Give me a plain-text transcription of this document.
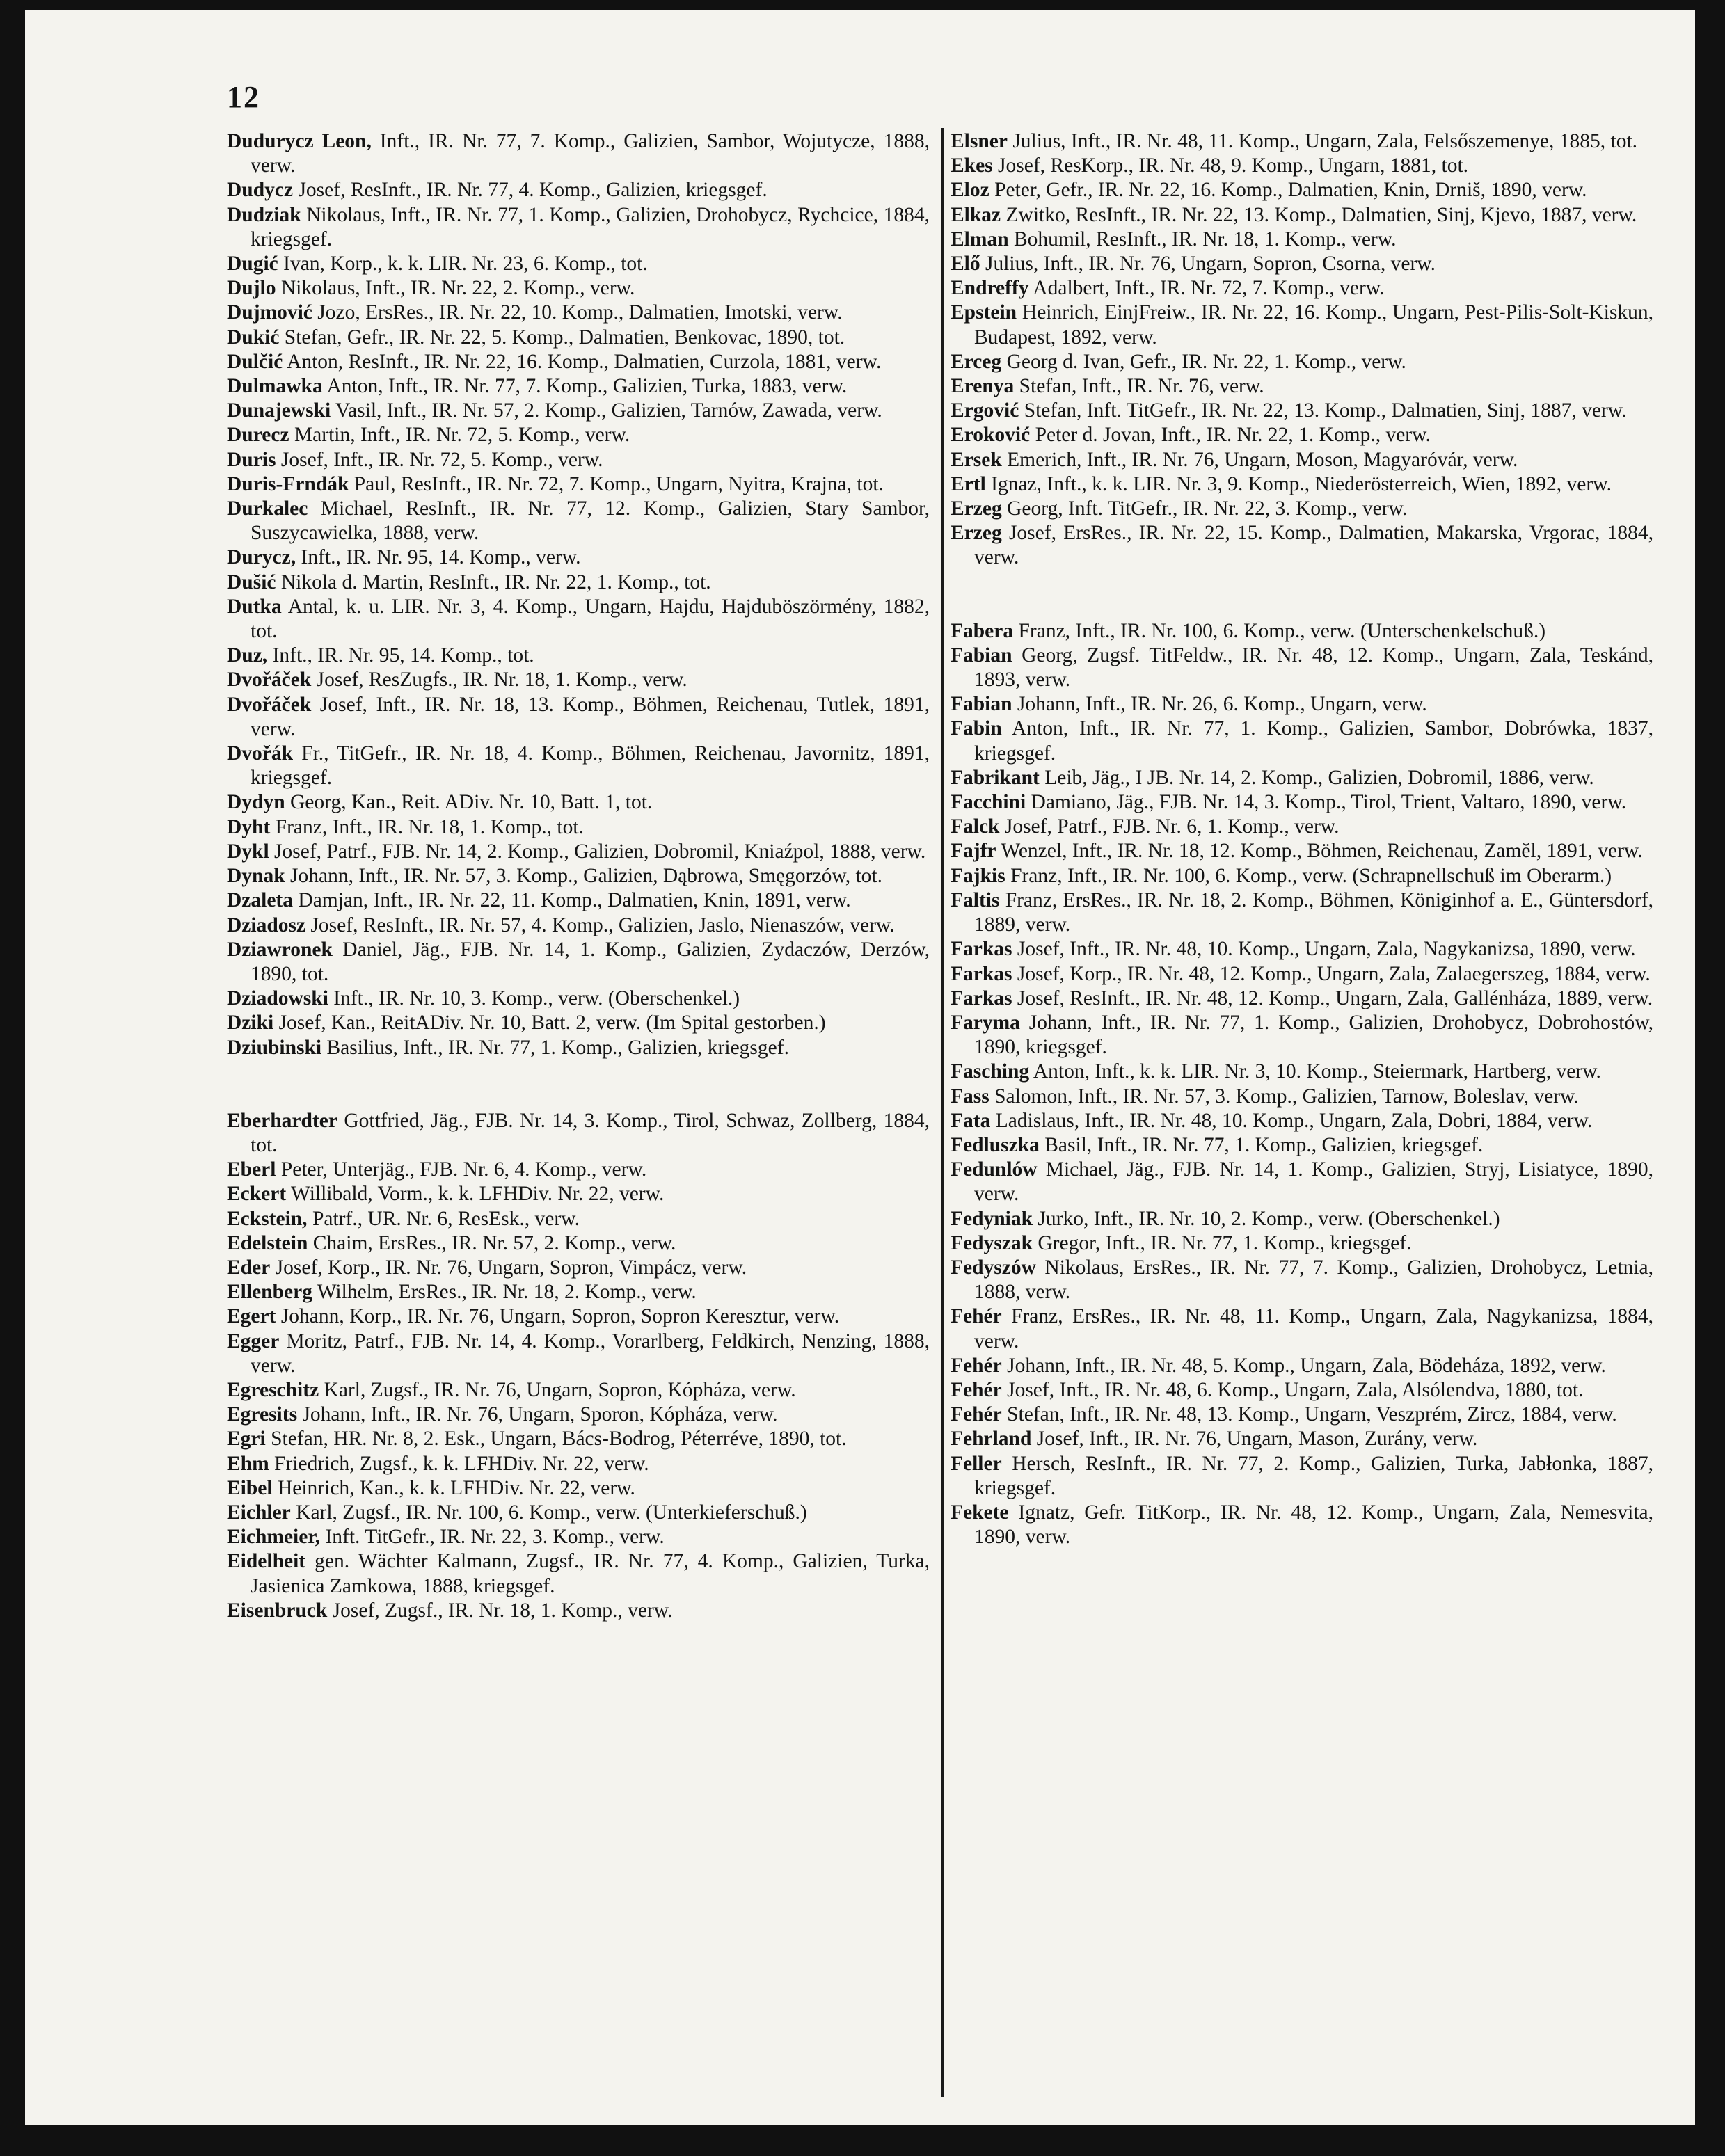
12
Dudurycz Leon, Inft., IR. Nr. 77, 7. Komp., Galizien, Sambor, Wojutycze, 1888, verw.
Dudycz Josef, ResInft., IR. Nr. 77, 4. Komp., Galizien, kriegsgef.
Dudziak Nikolaus, Inft., IR. Nr. 77, 1. Komp., Galizien, Drohobycz, Rychcice, 1884, kriegsgef.
Dugić Ivan, Korp., k. k. LIR. Nr. 23, 6. Komp., tot.
Dujlo Nikolaus, Inft., IR. Nr. 22, 2. Komp., verw.
Dujmović Jozo, ErsRes., IR. Nr. 22, 10. Komp., Dalmatien, Imotski, verw.
Dukić Stefan, Gefr., IR. Nr. 22, 5. Komp., Dalmatien, Benkovac, 1890, tot.
Dulčić Anton, ResInft., IR. Nr. 22, 16. Komp., Dalmatien, Curzola, 1881, verw.
Dulmawka Anton, Inft., IR. Nr. 77, 7. Komp., Galizien, Turka, 1883, verw.
Dunajewski Vasil, Inft., IR. Nr. 57, 2. Komp., Galizien, Tarnów, Zawada, verw.
Durecz Martin, Inft., IR. Nr. 72, 5. Komp., verw.
Duris Josef, Inft., IR. Nr. 72, 5. Komp., verw.
Duris-Frndák Paul, ResInft., IR. Nr. 72, 7. Komp., Ungarn, Nyitra, Krajna, tot.
Durkalec Michael, ResInft., IR. Nr. 77, 12. Komp., Galizien, Stary Sambor, Suszycawielka, 1888, verw.
Durycz, Inft., IR. Nr. 95, 14. Komp., verw.
Dušić Nikola d. Martin, ResInft., IR. Nr. 22, 1. Komp., tot.
Dutka Antal, k. u. LIR. Nr. 3, 4. Komp., Ungarn, Hajdu, Hajduböszörmény, 1882, tot.
Duz, Inft., IR. Nr. 95, 14. Komp., tot.
Dvořáček Josef, ResZugfs., IR. Nr. 18, 1. Komp., verw.
Dvořáček Josef, Inft., IR. Nr. 18, 13. Komp., Böhmen, Reichenau, Tutlek, 1891, verw.
Dvořák Fr., TitGefr., IR. Nr. 18, 4. Komp., Böhmen, Reichenau, Javornitz, 1891, kriegsgef.
Dydyn Georg, Kan., Reit. ADiv. Nr. 10, Batt. 1, tot.
Dyht Franz, Inft., IR. Nr. 18, 1. Komp., tot.
Dykl Josef, Patrf., FJB. Nr. 14, 2. Komp., Galizien, Dobromil, Kniaźpol, 1888, verw.
Dynak Johann, Inft., IR. Nr. 57, 3. Komp., Galizien, Dąbrowa, Smęgorzów, tot.
Dzaleta Damjan, Inft., IR. Nr. 22, 11. Komp., Dalmatien, Knin, 1891, verw.
Dziadosz Josef, ResInft., IR. Nr. 57, 4. Komp., Galizien, Jaslo, Nienaszów, verw.
Dziawronek Daniel, Jäg., FJB. Nr. 14, 1. Komp., Galizien, Zydaczów, Derzów, 1890, tot.
Dziadowski Inft., IR. Nr. 10, 3. Komp., verw. (Oberschenkel.)
Dziki Josef, Kan., ReitADiv. Nr. 10, Batt. 2, verw. (Im Spital gestorben.)
Dziubinski Basilius, Inft., IR. Nr. 77, 1. Komp., Galizien, kriegsgef.
Eberhardter Gottfried, Jäg., FJB. Nr. 14, 3. Komp., Tirol, Schwaz, Zollberg, 1884, tot.
Eberl Peter, Unterjäg., FJB. Nr. 6, 4. Komp., verw.
Eckert Willibald, Vorm., k. k. LFHDiv. Nr. 22, verw.
Eckstein, Patrf., UR. Nr. 6, ResEsk., verw.
Edelstein Chaim, ErsRes., IR. Nr. 57, 2. Komp., verw.
Eder Josef, Korp., IR. Nr. 76, Ungarn, Sopron, Vimpácz, verw.
Ellenberg Wilhelm, ErsRes., IR. Nr. 18, 2. Komp., verw.
Egert Johann, Korp., IR. Nr. 76, Ungarn, Sopron, Sopron Keresztur, verw.
Egger Moritz, Patrf., FJB. Nr. 14, 4. Komp., Vorarlberg, Feldkirch, Nenzing, 1888, verw.
Egreschitz Karl, Zugsf., IR. Nr. 76, Ungarn, Sopron, Kópháza, verw.
Egresits Johann, Inft., IR. Nr. 76, Ungarn, Sporon, Kópháza, verw.
Egri Stefan, HR. Nr. 8, 2. Esk., Ungarn, Bács-Bodrog, Péterréve, 1890, tot.
Ehm Friedrich, Zugsf., k. k. LFHDiv. Nr. 22, verw.
Eibel Heinrich, Kan., k. k. LFHDiv. Nr. 22, verw.
Eichler Karl, Zugsf., IR. Nr. 100, 6. Komp., verw. (Unterkieferschuß.)
Eichmeier, Inft. TitGefr., IR. Nr. 22, 3. Komp., verw.
Eidelheit gen. Wächter Kalmann, Zugsf., IR. Nr. 77, 4. Komp., Galizien, Turka, Jasienica Zamkowa, 1888, kriegsgef.
Eisenbruck Josef, Zugsf., IR. Nr. 18, 1. Komp., verw.
Elsner Julius, Inft., IR. Nr. 48, 11. Komp., Ungarn, Zala, Felsőszemenye, 1885, tot.
Ekes Josef, ResKorp., IR. Nr. 48, 9. Komp., Ungarn, 1881, tot.
Eloz Peter, Gefr., IR. Nr. 22, 16. Komp., Dalmatien, Knin, Drniš, 1890, verw.
Elkaz Zwitko, ResInft., IR. Nr. 22, 13. Komp., Dalmatien, Sinj, Kjevo, 1887, verw.
Elman Bohumil, ResInft., IR. Nr. 18, 1. Komp., verw.
Elő Julius, Inft., IR. Nr. 76, Ungarn, Sopron, Csorna, verw.
Endreffy Adalbert, Inft., IR. Nr. 72, 7. Komp., verw.
Epstein Heinrich, EinjFreiw., IR. Nr. 22, 16. Komp., Ungarn, Pest-Pilis-Solt-Kiskun, Budapest, 1892, verw.
Erceg Georg d. Ivan, Gefr., IR. Nr. 22, 1. Komp., verw.
Erenya Stefan, Inft., IR. Nr. 76, verw.
Ergović Stefan, Inft. TitGefr., IR. Nr. 22, 13. Komp., Dalmatien, Sinj, 1887, verw.
Eroković Peter d. Jovan, Inft., IR. Nr. 22, 1. Komp., verw.
Ersek Emerich, Inft., IR. Nr. 76, Ungarn, Moson, Magyaróvár, verw.
Ertl Ignaz, Inft., k. k. LIR. Nr. 3, 9. Komp., Niederösterreich, Wien, 1892, verw.
Erzeg Georg, Inft. TitGefr., IR. Nr. 22, 3. Komp., verw.
Erzeg Josef, ErsRes., IR. Nr. 22, 15. Komp., Dalmatien, Makarska, Vrgorac, 1884, verw.
Fabera Franz, Inft., IR. Nr. 100, 6. Komp., verw. (Unterschenkelschuß.)
Fabian Georg, Zugsf. TitFeldw., IR. Nr. 48, 12. Komp., Ungarn, Zala, Teskánd, 1893, verw.
Fabian Johann, Inft., IR. Nr. 26, 6. Komp., Ungarn, verw.
Fabin Anton, Inft., IR. Nr. 77, 1. Komp., Galizien, Sambor, Dobrówka, 1837, kriegsgef.
Fabrikant Leib, Jäg., I JB. Nr. 14, 2. Komp., Galizien, Dobromil, 1886, verw.
Facchini Damiano, Jäg., FJB. Nr. 14, 3. Komp., Tirol, Trient, Valtaro, 1890, verw.
Falck Josef, Patrf., FJB. Nr. 6, 1. Komp., verw.
Fajfr Wenzel, Inft., IR. Nr. 18, 12. Komp., Böhmen, Reichenau, Zamĕl, 1891, verw.
Fajkis Franz, Inft., IR. Nr. 100, 6. Komp., verw. (Schrapnellschuß im Oberarm.)
Faltis Franz, ErsRes., IR. Nr. 18, 2. Komp., Böhmen, Königinhof a. E., Güntersdorf, 1889, verw.
Farkas Josef, Inft., IR. Nr. 48, 10. Komp., Ungarn, Zala, Nagykanizsa, 1890, verw.
Farkas Josef, Korp., IR. Nr. 48, 12. Komp., Ungarn, Zala, Zalaegerszeg, 1884, verw.
Farkas Josef, ResInft., IR. Nr. 48, 12. Komp., Ungarn, Zala, Gallénháza, 1889, verw.
Faryma Johann, Inft., IR. Nr. 77, 1. Komp., Galizien, Drohobycz, Dobrohostów, 1890, kriegsgef.
Fasching Anton, Inft., k. k. LIR. Nr. 3, 10. Komp., Steiermark, Hartberg, verw.
Fass Salomon, Inft., IR. Nr. 57, 3. Komp., Galizien, Tarnow, Boleslav, verw.
Fata Ladislaus, Inft., IR. Nr. 48, 10. Komp., Ungarn, Zala, Dobri, 1884, verw.
Fedluszka Basil, Inft., IR. Nr. 77, 1. Komp., Galizien, kriegsgef.
Fedunlów Michael, Jäg., FJB. Nr. 14, 1. Komp., Galizien, Stryj, Lisiatyce, 1890, verw.
Fedyniak Jurko, Inft., IR. Nr. 10, 2. Komp., verw. (Oberschenkel.)
Fedyszak Gregor, Inft., IR. Nr. 77, 1. Komp., kriegsgef.
Fedyszów Nikolaus, ErsRes., IR. Nr. 77, 7. Komp., Galizien, Drohobycz, Letnia, 1888, verw.
Fehér Franz, ErsRes., IR. Nr. 48, 11. Komp., Ungarn, Zala, Nagykanizsa, 1884, verw.
Fehér Johann, Inft., IR. Nr. 48, 5. Komp., Ungarn, Zala, Bödeháza, 1892, verw.
Fehér Josef, Inft., IR. Nr. 48, 6. Komp., Ungarn, Zala, Alsólendva, 1880, tot.
Fehér Stefan, Inft., IR. Nr. 48, 13. Komp., Ungarn, Veszprém, Zircz, 1884, verw.
Fehrland Josef, Inft., IR. Nr. 76, Ungarn, Mason, Zurány, verw.
Feller Hersch, ResInft., IR. Nr. 77, 2. Komp., Galizien, Turka, Jabłonka, 1887, kriegsgef.
Fekete Ignatz, Gefr. TitKorp., IR. Nr. 48, 12. Komp., Ungarn, Zala, Nemesvita, 1890, verw.
